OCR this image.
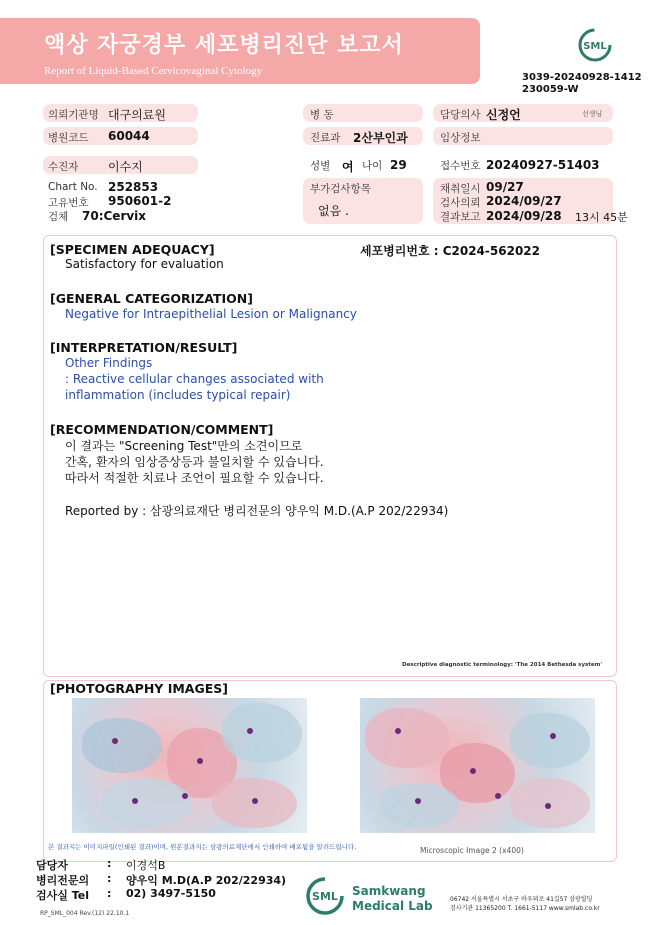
액상 자궁경부 세포병리진단 보고서
Report of Liquid-Based Cervicovaginal Cytology
SML
3039-20240928-1412
230059-W
의뢰기관명 대구의료원	병 동	담당의사 신정언	선생님
병원코드 60044	진료과 2산부인과	임상정보
수진자 이수지	성별 여 나이 29	접수번호 20240927-51403
Chart No. 252853
고유번호 950601-2
검체 70:Cervix
부가검사항목
없음 .
채취일시 09/27
검사의뢰 2024/09/27
결과보고 2024/09/28 13시 45분
[SPECIMEN ADEQUACY]	세포병리번호 : C2024-562022
Satisfactory for evaluation
[GENERAL CATEGORIZATION]
Negative for Intraepithelial Lesion or Malignancy
[INTERPRETATION/RESULT]
Other Findings
: Reactive cellular changes associated with
inflammation (includes typical repair)
[RECOMMENDATION/COMMENT]
이 결과는 "Screening Test"만의 소견이므로
간혹, 환자의 임상증상등과 불일치할 수 있습니다.
따라서 적절한 치료나 조언이 필요할 수 있습니다.
Reported by : 삼광의료재단 병리전문의 양우익 M.D.(A.P 202/22934)
Descriptive diagnostic terminology: 'The 2014 Bethesda system'
[PHOTOGRAPHY IMAGES]
본 결과지는 이미지파일(인쇄된 결과)이며, 원본결과지는 삼광의료재단에서 인쇄하여 배포됨을 알려드립니다.	Microscopic Image 2 (x400)
담당자	: 이경석B
병리전문의 : 양우익 M.D(A.P 202/22934)
검사실 Tel : 02) 3497-5150	SML Samkwang
Medical Lab	06742 서울특별시 서초구 바우뫼로 41길57 삼광빌딩
검사기관 11365200 T. 1661-5117 www.smlab.co.kr
RP_SML_004 Rev.(12) 22.10.1
